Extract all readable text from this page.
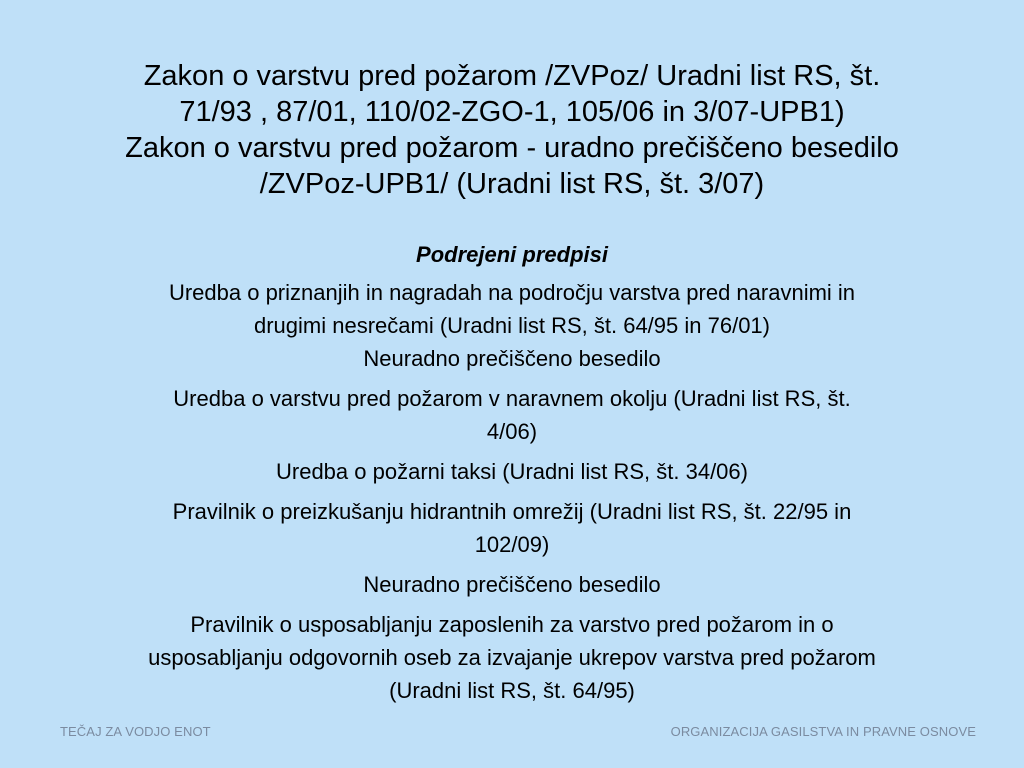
Zakon o varstvu pred požarom /ZVPoz/ Uradni list RS, št.
71/93 , 87/01, 110/02-ZGO-1, 105/06 in 3/07-UPB1)
Zakon o varstvu pred požarom - uradno prečiščeno besedilo
/ZVPoz-UPB1/ (Uradni list RS, št. 3/07)
Podrejeni predpisi
Uredba o priznanjih in nagradah na področju varstva pred naravnimi in
drugimi nesrečami (Uradni list RS, št. 64/95 in 76/01)
Neuradno prečiščeno besedilo
Uredba o varstvu pred požarom v naravnem okolju (Uradni list RS, št.
4/06)
Uredba o požarni taksi (Uradni list RS, št. 34/06)
Pravilnik o preizkušanju hidrantnih omrežij (Uradni list RS, št. 22/95 in
102/09)
Neuradno prečiščeno besedilo
Pravilnik o usposabljanju zaposlenih za varstvo pred požarom in o
usposabljanju odgovornih oseb za izvajanje ukrepov varstva pred požarom
(Uradni list RS, št. 64/95)
TEČAJ ZA VODJO ENOT	ORGANIZACIJA GASILSTVA IN PRAVNE OSNOVE
